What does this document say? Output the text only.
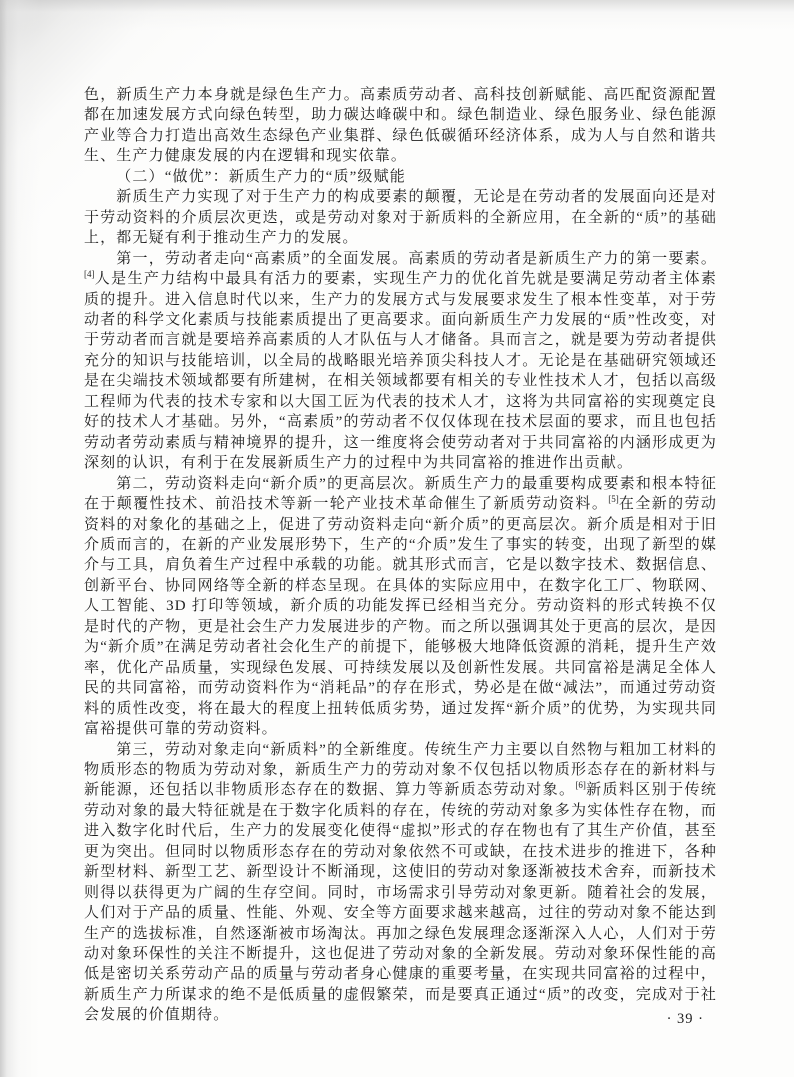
色，新质生产力本身就是绿色生产力。高素质劳动者、高科技创新赋能、高匹配资源配置都在加速发展方式向绿色转型，助力碳达峰碳中和。绿色制造业、绿色服务业、绿色能源产业等合力打造出高效生态绿色产业集群、绿色低碳循环经济体系，成为人与自然和谐共生、生产力健康发展的内在逻辑和现实依靠。

（二）“做优”：新质生产力的“质”级赋能

新质生产力实现了对于生产力的构成要素的颠覆，无论是在劳动者的发展面向还是对于劳动资料的介质层次更迭，或是劳动对象对于新质料的全新应用，在全新的“质”的基础上，都无疑有利于推动生产力的发展。

第一，劳动者走向“高素质”的全面发展。高素质的劳动者是新质生产力的第一要素。[4]人是生产力结构中最具有活力的要素，实现生产力的优化首先就是要满足劳动者主体素质的提升。进入信息时代以来，生产力的发展方式与发展要求发生了根本性变革，对于劳动者的科学文化素质与技能素质提出了更高要求。面向新质生产力发展的“质”性改变，对于劳动者而言就是要培养高素质的人才队伍与人才储备。具而言之，就是要为劳动者提供充分的知识与技能培训，以全局的战略眼光培养顶尖科技人才。无论是在基础研究领域还是在尖端技术领域都要有所建树，在相关领域都要有相关的专业性技术人才，包括以高级工程师为代表的技术专家和以大国工匠为代表的技术人才，这将为共同富裕的实现奠定良好的技术人才基础。另外，“高素质”的劳动者不仅仅体现在技术层面的要求，而且也包括劳动者劳动素质与精神境界的提升，这一维度将会使劳动者对于共同富裕的内涵形成更为深刻的认识，有利于在发展新质生产力的过程中为共同富裕的推进作出贡献。

第二，劳动资料走向“新介质”的更高层次。新质生产力的最重要构成要素和根本特征在于颠覆性技术、前沿技术等新一轮产业技术革命催生了新质劳动资料。[5]在全新的劳动资料的对象化的基础之上，促进了劳动资料走向“新介质”的更高层次。新介质是相对于旧介质而言的，在新的产业发展形势下，生产的“介质”发生了事实的转变，出现了新型的媒介与工具，肩负着生产过程中承载的功能。就其形式而言，它是以数字技术、数据信息、创新平台、协同网络等全新的样态呈现。在具体的实际应用中，在数字化工厂、物联网、人工智能、3D 打印等领域，新介质的功能发挥已经相当充分。劳动资料的形式转换不仅是时代的产物，更是社会生产力发展进步的产物。而之所以强调其处于更高的层次，是因为“新介质”在满足劳动者社会化生产的前提下，能够极大地降低资源的消耗，提升生产效率，优化产品质量，实现绿色发展、可持续发展以及创新性发展。共同富裕是满足全体人民的共同富裕，而劳动资料作为“消耗品”的存在形式，势必是在做“减法”，而通过劳动资料的质性改变，将在最大的程度上扭转低质劣势，通过发挥“新介质”的优势，为实现共同富裕提供可靠的劳动资料。

第三，劳动对象走向“新质料”的全新维度。传统生产力主要以自然物与粗加工材料的物质形态的物质为劳动对象，新质生产力的劳动对象不仅包括以物质形态存在的新材料与新能源，还包括以非物质形态存在的数据、算力等新质态劳动对象。[6]新质料区别于传统劳动对象的最大特征就是在于数字化质料的存在，传统的劳动对象多为实体性存在物，而进入数字化时代后，生产力的发展变化使得“虚拟”形式的存在物也有了其生产价值，甚至更为突出。但同时以物质形态存在的劳动对象依然不可或缺，在技术进步的推进下，各种新型材料、新型工艺、新型设计不断涌现，这使旧的劳动对象逐渐被技术舍弃，而新技术则得以获得更为广阔的生存空间。同时，市场需求引导劳动对象更新。随着社会的发展，人们对于产品的质量、性能、外观、安全等方面要求越来越高，过往的劳动对象不能达到生产的选拔标准，自然逐渐被市场淘汰。再加之绿色发展理念逐渐深入人心，人们对于劳动对象环保性的关注不断提升，这也促进了劳动对象的全新发展。劳动对象环保性能的高低是密切关系劳动产品的质量与劳动者身心健康的重要考量，在实现共同富裕的过程中，新质生产力所谋求的绝不是低质量的虚假繁荣，而是要真正通过“质”的改变，完成对于社会发展的价值期待。	· 39 ·
